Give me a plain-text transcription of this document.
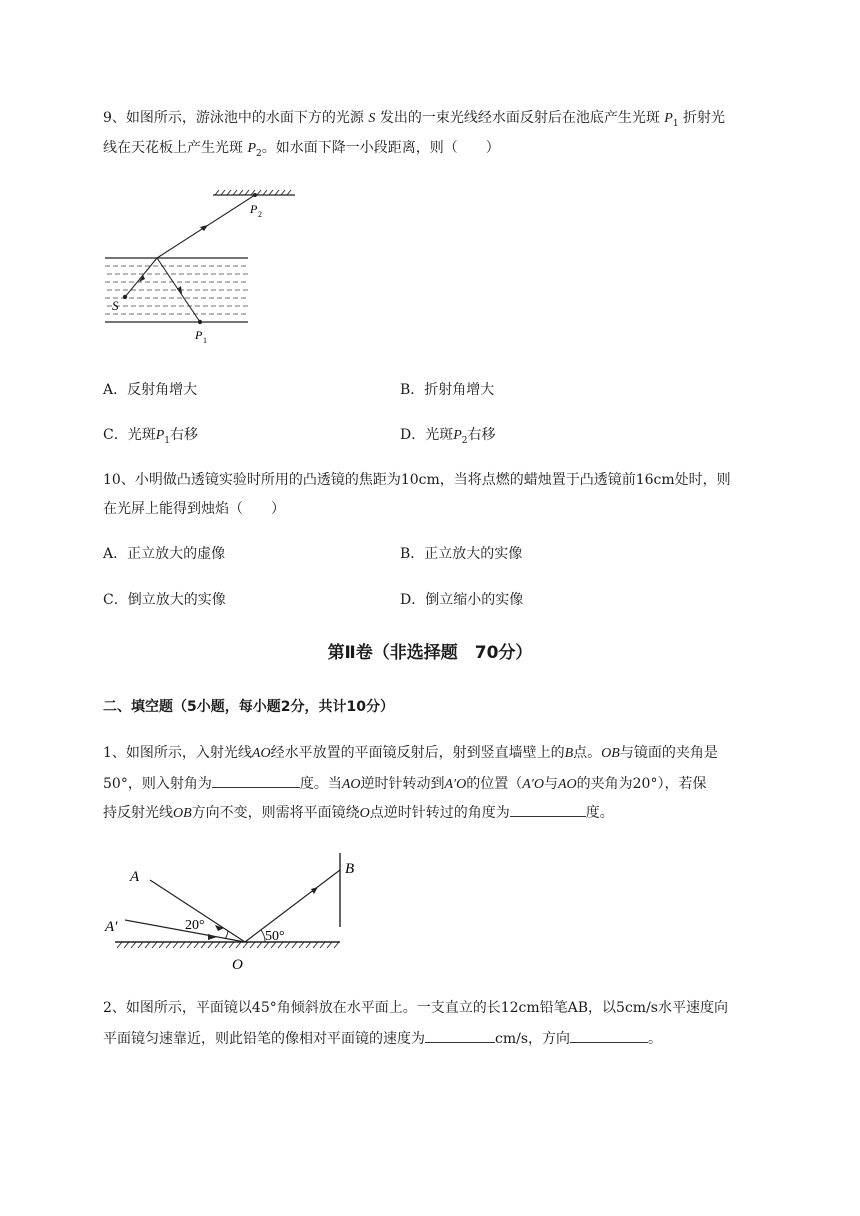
9、如图所示，游泳池中的水面下方的光源 S 发出的一束光线经水面反射后在池底产生光斑 $P_1$ 折射光
线在天花板上产生光斑 $P_2$。如水面下降一小段距离，则（　　）
P 2
S
P 1
A．反射角增大	B．折射角增大
C．光斑$P_1$右移	D．光斑$P_2$右移
10、小明做凸透镜实验时所用的凸透镜的焦距为10cm，当将点燃的蜡烛置于凸透镜前16cm处时，则
在光屏上能得到烛焰（　　）
A．正立放大的虚像	B．正立放大的实像
C．倒立放大的实像	D．倒立缩小的实像
第Ⅱ卷（非选择题　70分）
二、填空题（5小题，每小题2分，共计10分）
1、如图所示，入射光线AO经水平放置的平面镜反射后，射到竖直墙壁上的B点。OB与镜面的夹角是
50°，则入射角为	度。当AO逆时针转动到A′O的位置（A′O与AO的夹角为20°），若保
持反射光线OB方向不变，则需将平面镜绕O点逆时针转过的角度为	度。
A
A′
B
O
20°
50°
2、如图所示，平面镜以45°角倾斜放在水平面上。一支直立的长12cm铅笔AB，以5cm/s水平速度向
平面镜匀速靠近，则此铅笔的像相对平面镜的速度为	cm/s，方向	。
